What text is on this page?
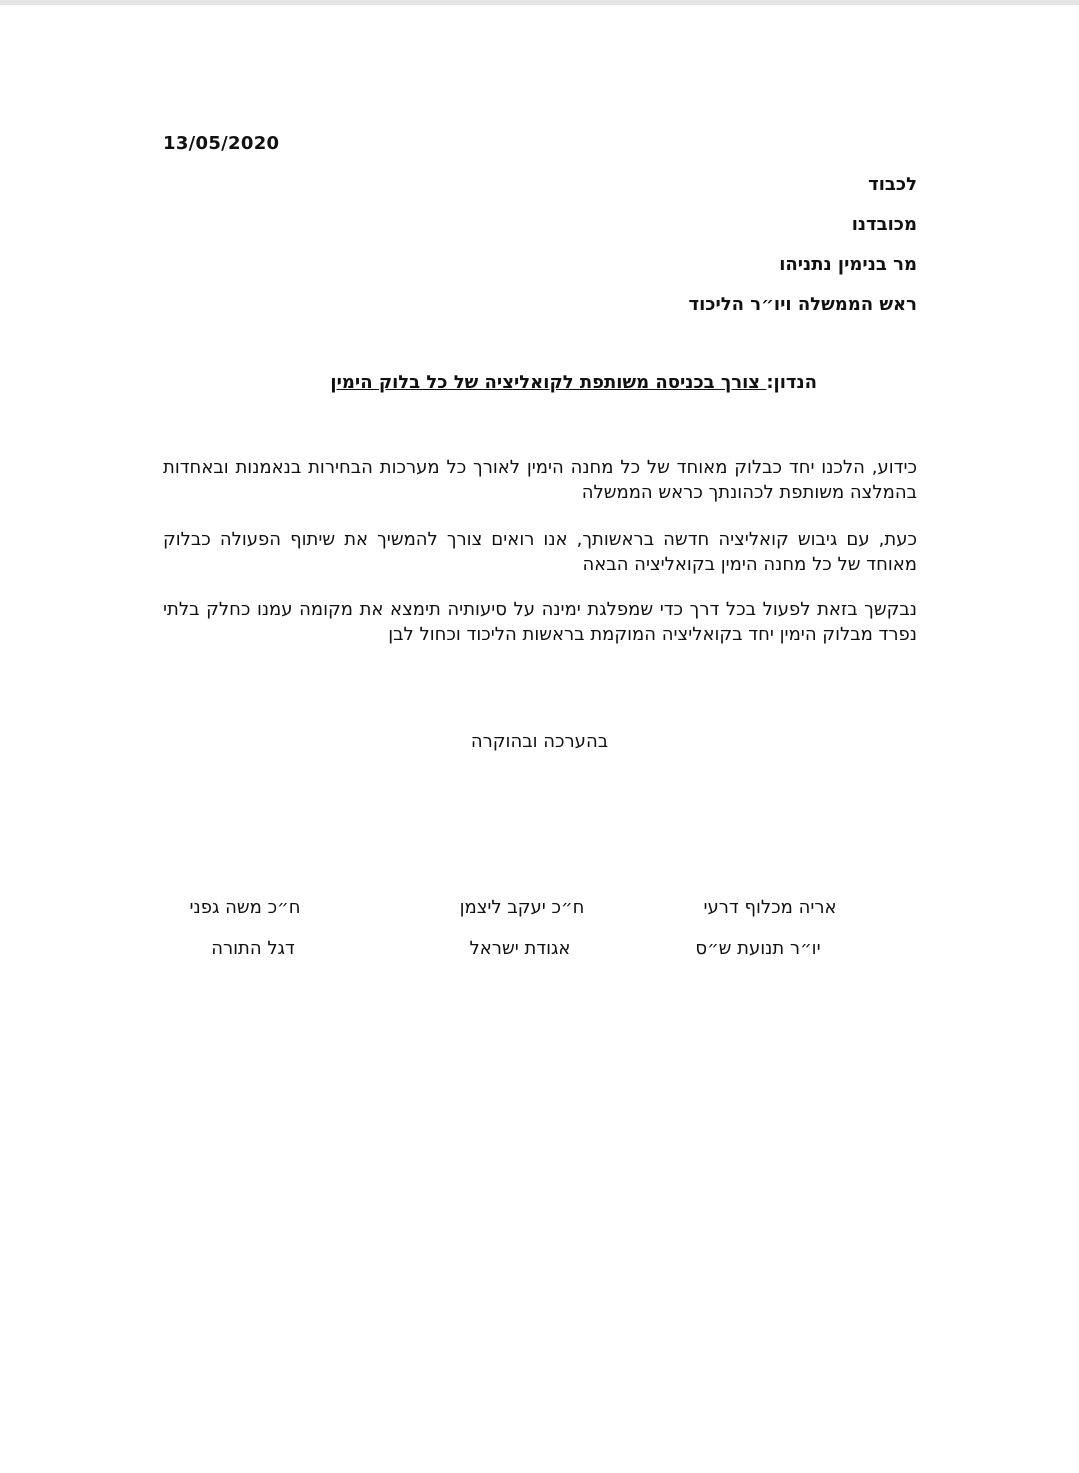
13/05/2020
לכבוד
מכובדנו
מר בנימין נתניהו
ראש הממשלה ויו״ר הליכוד
הנדון: צורך בכניסה משותפת לקואליציה של כל בלוק הימין

כידוע, הלכנו יחד כבלוק מאוחד של כל מחנה הימין לאורך כל מערכות הבחירות בנאמנות ובאחדות בהמלצה משותפת לכהונתך כראש הממשלה

כעת, עם גיבוש קואליציה חדשה בראשותך, אנו רואים צורך להמשיך את שיתוף הפעולה כבלוק מאוחד של כל מחנה הימין בקואליציה הבאה

נבקשך בזאת לפעול בכל דרך כדי שמפלגת ימינה על סיעותיה תימצא את מקומה עמנו כחלק בלתי נפרד מבלוק הימין יחד בקואליציה המוקמת בראשות הליכוד וכחול לבן

בהערכה ובהוקרה
אריה מכלוף דרעי
יו״ר תנועת ש״ס
ח״כ יעקב ליצמן
אגודת ישראל
ח״כ משה גפני
דגל התורה
